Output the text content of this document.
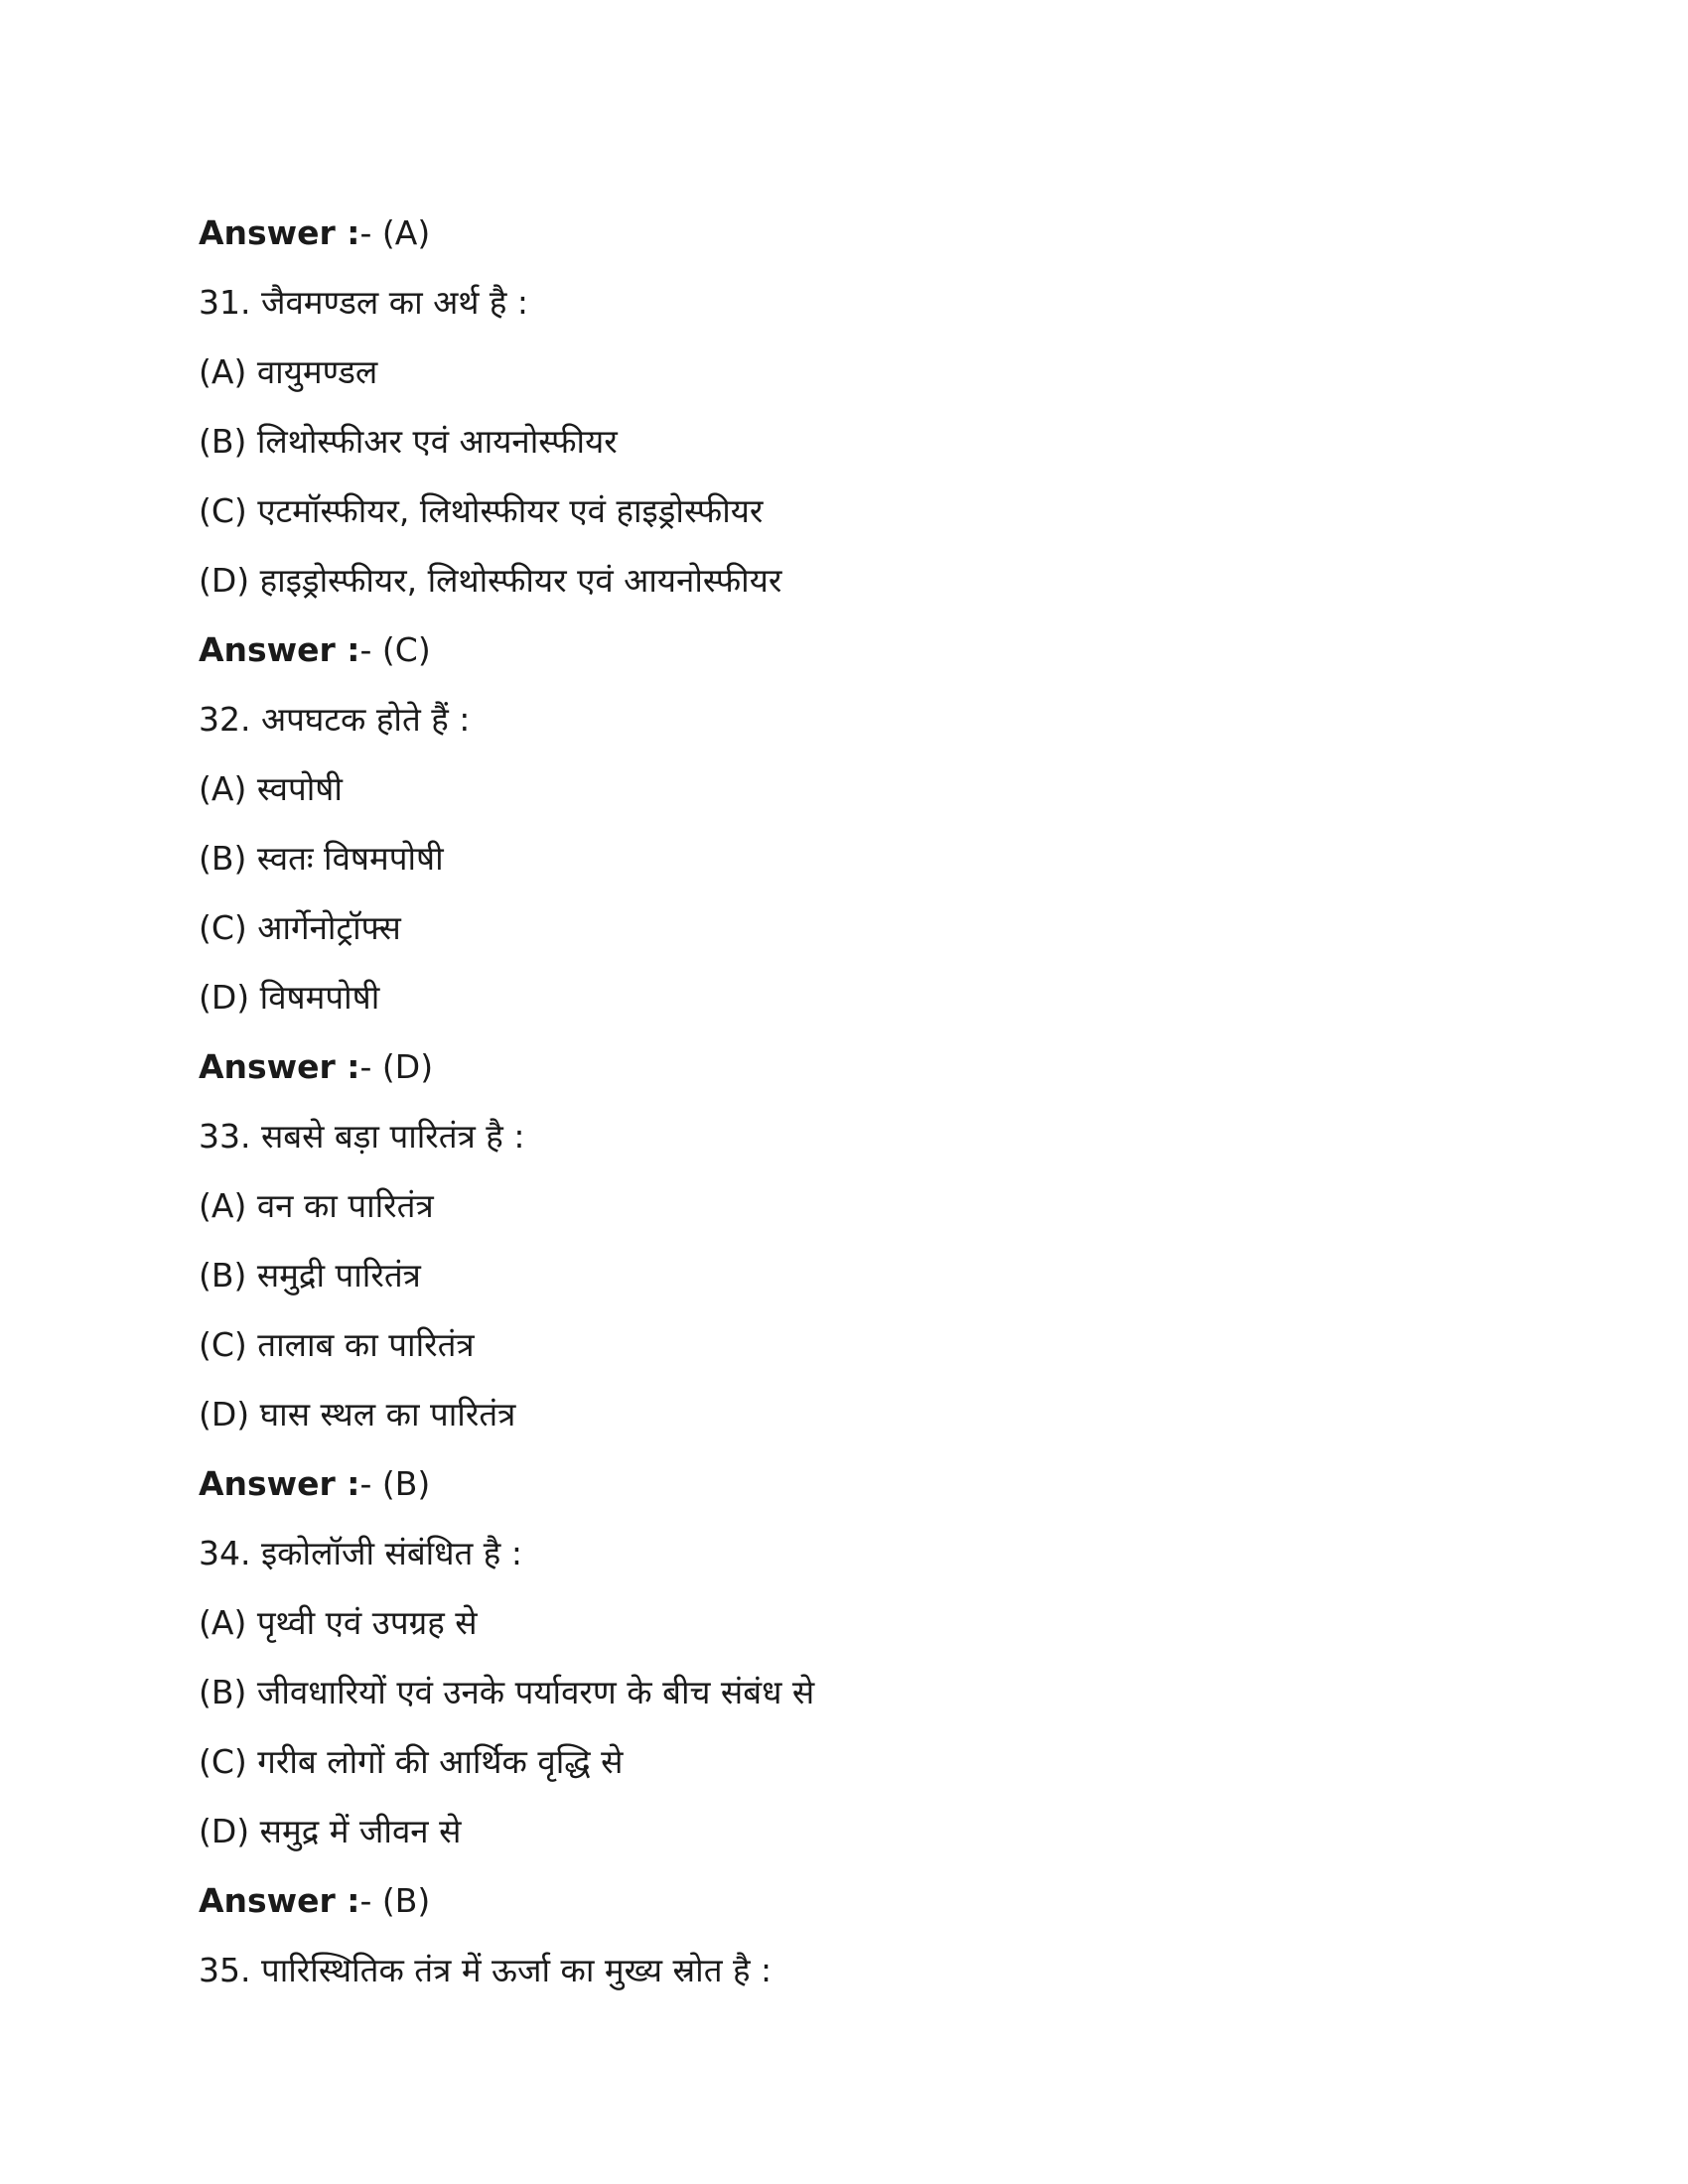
Answer :- (A)
31. जैवमण्डल का अर्थ है :
(A) वायुमण्डल
(B) लिथोस्फीअर एवं आयनोस्फीयर
(C) एटमॉस्फीयर, लिथोस्फीयर एवं हाइड्रोस्फीयर
(D) हाइड्रोस्फीयर, लिथोस्फीयर एवं आयनोस्फीयर
Answer :- (C)
32. अपघटक होते हैं :
(A) स्वपोषी
(B) स्वतः विषमपोषी
(C) आर्गेनोट्रॉफ्स
(D) विषमपोषी
Answer :- (D)
33. सबसे बड़ा पारितंत्र है :
(A) वन का पारितंत्र
(B) समुद्री पारितंत्र
(C) तालाब का पारितंत्र
(D) घास स्थल का पारितंत्र
Answer :- (B)
34. इकोलॉजी संबंधित है :
(A) पृथ्वी एवं उपग्रह से
(B) जीवधारियों एवं उनके पर्यावरण के बीच संबंध से
(C) गरीब लोगों की आर्थिक वृद्धि से
(D) समुद्र में जीवन से
Answer :- (B)
35. पारिस्थितिक तंत्र में ऊर्जा का मुख्य स्रोत है :
